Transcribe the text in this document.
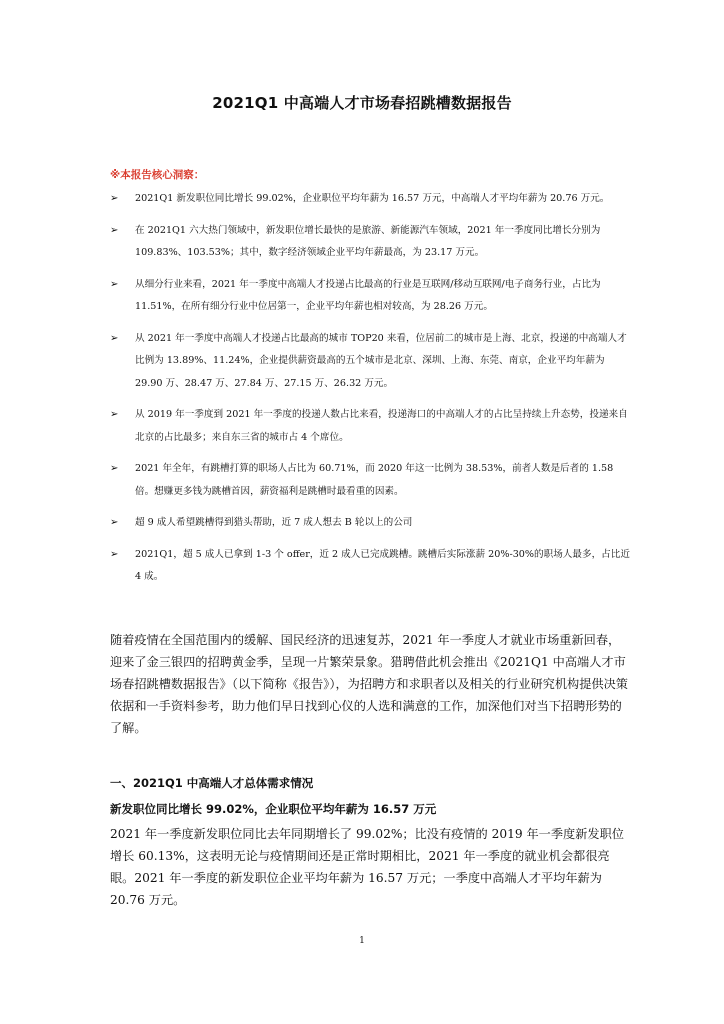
2021Q1 中高端人才市场春招跳槽数据报告
※本报告核心洞察：
➢ 2021Q1 新发职位同比增长 99.02%，企业职位平均年薪为 16.57 万元，中高端人才平均年薪为 20.76 万元。
➢ 在 2021Q1 六大热门领域中，新发职位增长最快的是旅游、新能源汽车领域，2021 年一季度同比增长分别为 109.83%、103.53%；其中，数字经济领域企业平均年薪最高，为 23.17 万元。
➢ 从细分行业来看，2021 年一季度中高端人才投递占比最高的行业是互联网/移动互联网/电子商务行业，占比为 11.51%，在所有细分行业中位居第一，企业平均年薪也相对较高，为 28.26 万元。
➢ 从 2021 年一季度中高端人才投递占比最高的城市 TOP20 来看，位居前二的城市是上海、北京，投递的中高端人才比例为 13.89%、11.24%，企业提供薪资最高的五个城市是北京、深圳、上海、东莞、南京，企业平均年薪为 29.90 万、28.47 万、27.84 万、27.15 万、26.32 万元。
➢ 从 2019 年一季度到 2021 年一季度的投递人数占比来看，投递海口的中高端人才的占比呈持续上升态势，投递来自北京的占比最多；来自东三省的城市占 4 个席位。
➢ 2021 年全年，有跳槽打算的职场人占比为 60.71%，而 2020 年这一比例为 38.53%，前者人数是后者的 1.58 倍。想赚更多钱为跳槽首因，薪资福利是跳槽时最看重的因素。
➢ 超 9 成人希望跳槽得到猎头帮助，近 7 成人想去 B 轮以上的公司
➢ 2021Q1，超 5 成人已拿到 1-3 个 offer，近 2 成人已完成跳槽。跳槽后实际涨薪 20%-30%的职场人最多，占比近 4 成。

随着疫情在全国范围内的缓解、国民经济的迅速复苏，2021 年一季度人才就业市场重新回春，迎来了金三银四的招聘黄金季，呈现一片繁荣景象。猎聘借此机会推出《2021Q1 中高端人才市场春招跳槽数据报告》（以下简称《报告》），为招聘方和求职者以及相关的行业研究机构提供决策依据和一手资料参考，助力他们早日找到心仪的人选和满意的工作，加深他们对当下招聘形势的了解。

一、2021Q1 中高端人才总体需求情况
新发职位同比增长 99.02%，企业职位平均年薪为 16.57 万元

2021 年一季度新发职位同比去年同期增长了 99.02%；比没有疫情的 2019 年一季度新发职位增长 60.13%，这表明无论与疫情期间还是正常时期相比，2021 年一季度的就业机会都很亮眼。2021 年一季度的新发职位企业平均年薪为 16.57 万元；一季度中高端人才平均年薪为 20.76 万元。

1
